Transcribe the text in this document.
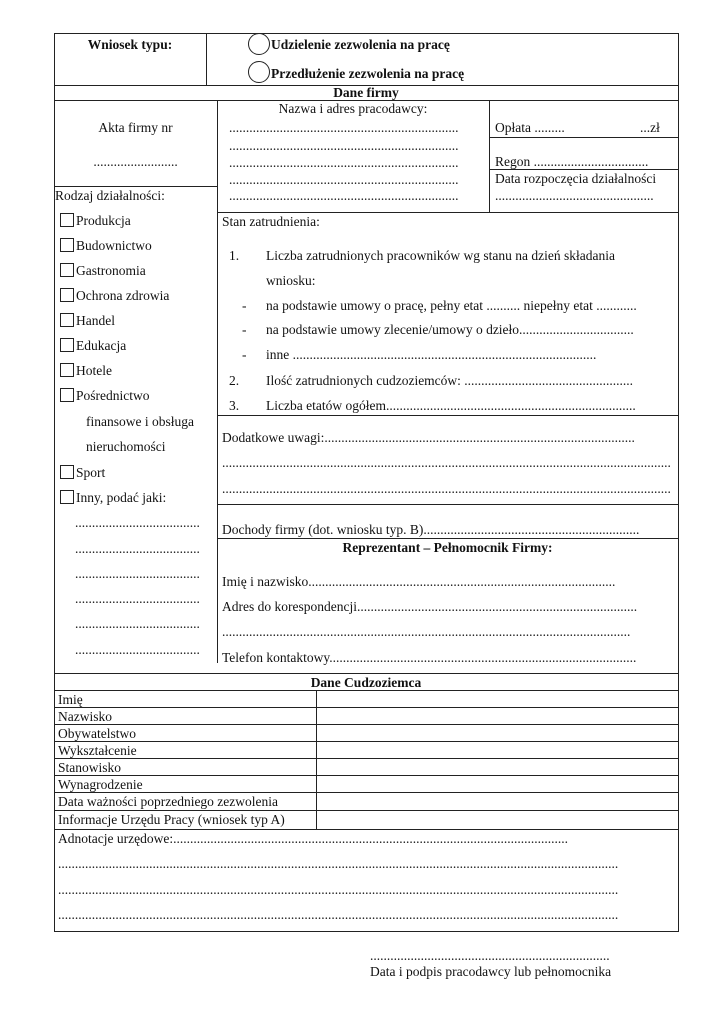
Wniosek typu:	Udzielenie zezwolenia na pracę
Przedłużenie zezwolenia na pracę
Dane firmy
Akta firmy nr
.........................
Nazwa i adres pracodawcy:
....................................................................
....................................................................
....................................................................
....................................................................
....................................................................
Opłata .........	...zł
Regon ..................................
Data rozpoczęcia działalności
...............................................
Rodzaj działalności:
Produkcja
Budownictwo
Gastronomia
Ochrona zdrowia
Handel
Edukacja
Hotele
Pośrednictwo
finansowe i obsługa
nieruchomości
Sport
Inny, podać jaki:
.....................................
.....................................
.....................................
.....................................
.....................................
.....................................
Stan zatrudnienia:
1. Liczba zatrudnionych pracowników wg stanu na dzień składania
wniosku:
- na podstawie umowy o pracę, pełny etat .......... niepełny etat ............
- na podstawie umowy zlecenie/umowy o dzieło..................................
- inne ..........................................................................................
2. Ilość zatrudnionych cudzoziemców: ..................................................
3. Liczba etatów ogółem..........................................................................
Dodatkowe uwagi:............................................................................................
.....................................................................................................................................
.....................................................................................................................................
Dochody firmy (dot. wniosku typ. B)................................................................
Reprezentant – Pełnomocnik Firmy:
Imię i nazwisko...........................................................................................
Adres do korespondencji...................................................................................
.........................................................................................................................
Telefon kontaktowy...........................................................................................
Dane Cudzoziemca
Imię
Nazwisko
Obywatelstwo
Wykształcenie
Stanowisko
Wynagrodzenie
Data ważności poprzedniego zezwolenia
Informacje Urzędu Pracy (wniosek typ A)
Adnotacje urzędowe:.....................................................................................................................
......................................................................................................................................................................
......................................................................................................................................................................
......................................................................................................................................................................
.......................................................................
Data i podpis pracodawcy lub pełnomocnika
